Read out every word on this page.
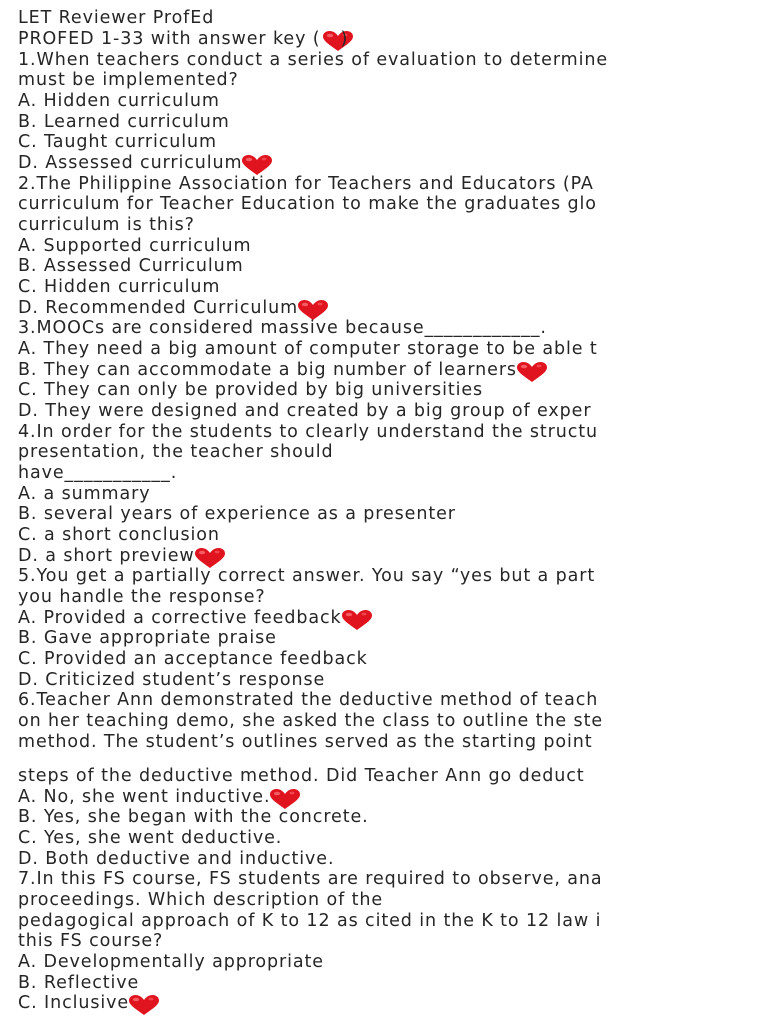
LET Reviewer ProfEd
PROFED 1-33 with answer key ( )
1.When teachers conduct a series of evaluation to determine
must be implemented?
A. Hidden curriculum
B. Learned curriculum
C. Taught curriculum
D. Assessed curriculum
2.The Philippine Association for Teachers and Educators (PA
curriculum for Teacher Education to make the graduates glo
curriculum is this?
A. Supported curriculum
B. Assessed Curriculum
C. Hidden curriculum
D. Recommended Curriculum
3.MOOCs are considered massive because____________.
A. They need a big amount of computer storage to be able t
B. They can accommodate a big number of learners
C. They can only be provided by big universities
D. They were designed and created by a big group of exper
4.In order for the students to clearly understand the structu
presentation, the teacher should
have___________.
A. a summary
B. several years of experience as a presenter
C. a short conclusion
D. a short preview
5.You get a partially correct answer. You say “yes but a part
you handle the response?
A. Provided a corrective feedback
B. Gave appropriate praise
C. Provided an acceptance feedback
D. Criticized student’s response
6.Teacher Ann demonstrated the deductive method of teach
on her teaching demo, she asked the class to outline the ste
method. The student’s outlines served as the starting point
steps of the deductive method. Did Teacher Ann go deduct
A. No, she went inductive.
B. Yes, she began with the concrete.
C. Yes, she went deductive.
D. Both deductive and inductive.
7.In this FS course, FS students are required to observe, ana
proceedings. Which description of the
pedagogical approach of K to 12 as cited in the K to 12 law i
this FS course?
A. Developmentally appropriate
B. Reflective
C. Inclusive
